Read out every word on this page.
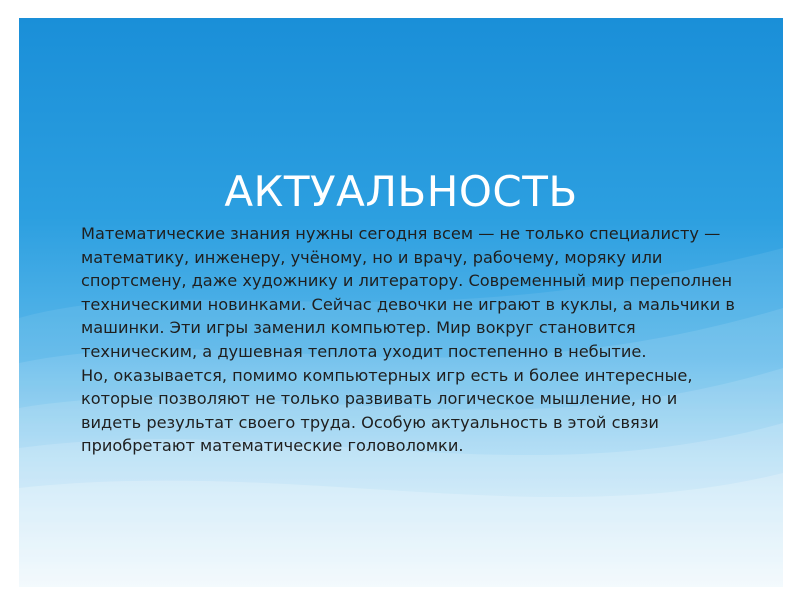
АКТУАЛЬНОСТЬ

Математические знания нужны сегодня всем — не только специалисту — математику, инженеру, учёному, но и врачу, рабочему, моряку или спортсмену, даже художнику и литератору. Современный мир переполнен техническими новинками. Сейчас девочки не играют в куклы, а мальчики в машинки. Эти игры заменил компьютер. Мир вокруг становится техническим, а душевная теплота уходит постепенно в небытие.

Но, оказывается, помимо компьютерных игр есть и более интересные, которые позволяют не только развивать логическое мышление, но и видеть результат своего труда. Особую актуальность в этой связи приобретают математические головоломки.
